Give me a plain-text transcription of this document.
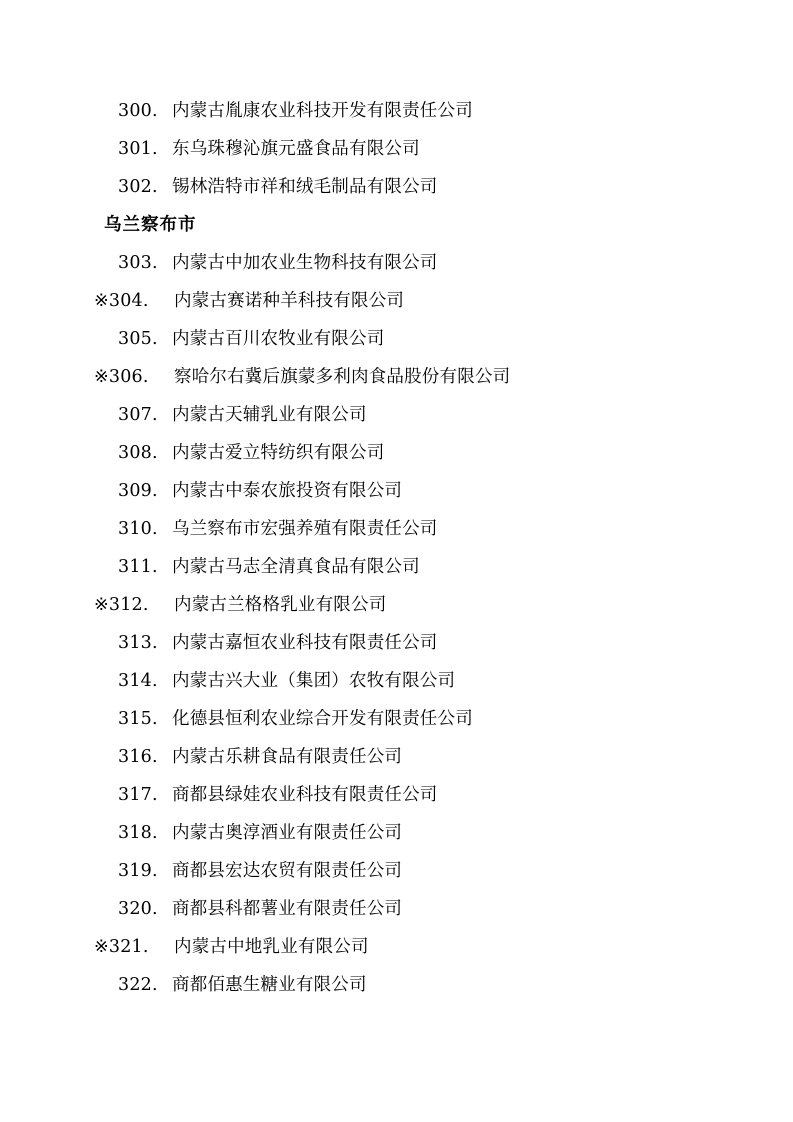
300. 内蒙古胤康农业科技开发有限责任公司
301. 东乌珠穆沁旗元盛食品有限公司
302. 锡林浩特市祥和绒毛制品有限公司
乌兰察布市
303. 内蒙古中加农业生物科技有限公司
※304. 内蒙古赛诺种羊科技有限公司
305. 内蒙古百川农牧业有限公司
※306. 察哈尔右冀后旗蒙多利肉食品股份有限公司
307. 内蒙古天辅乳业有限公司
308. 内蒙古爱立特纺织有限公司
309. 内蒙古中泰农旅投资有限公司
310. 乌兰察布市宏强养殖有限责任公司
311. 内蒙古马志全清真食品有限公司
※312. 内蒙古兰格格乳业有限公司
313. 内蒙古嘉恒农业科技有限责任公司
314. 内蒙古兴大业（集团）农牧有限公司
315. 化德县恒利农业综合开发有限责任公司
316. 内蒙古乐耕食品有限责任公司
317. 商都县绿娃农业科技有限责任公司
318. 内蒙古奥淳酒业有限责任公司
319. 商都县宏达农贸有限责任公司
320. 商都县科都薯业有限责任公司
※321. 内蒙古中地乳业有限公司
322. 商都佰惠生糖业有限公司
